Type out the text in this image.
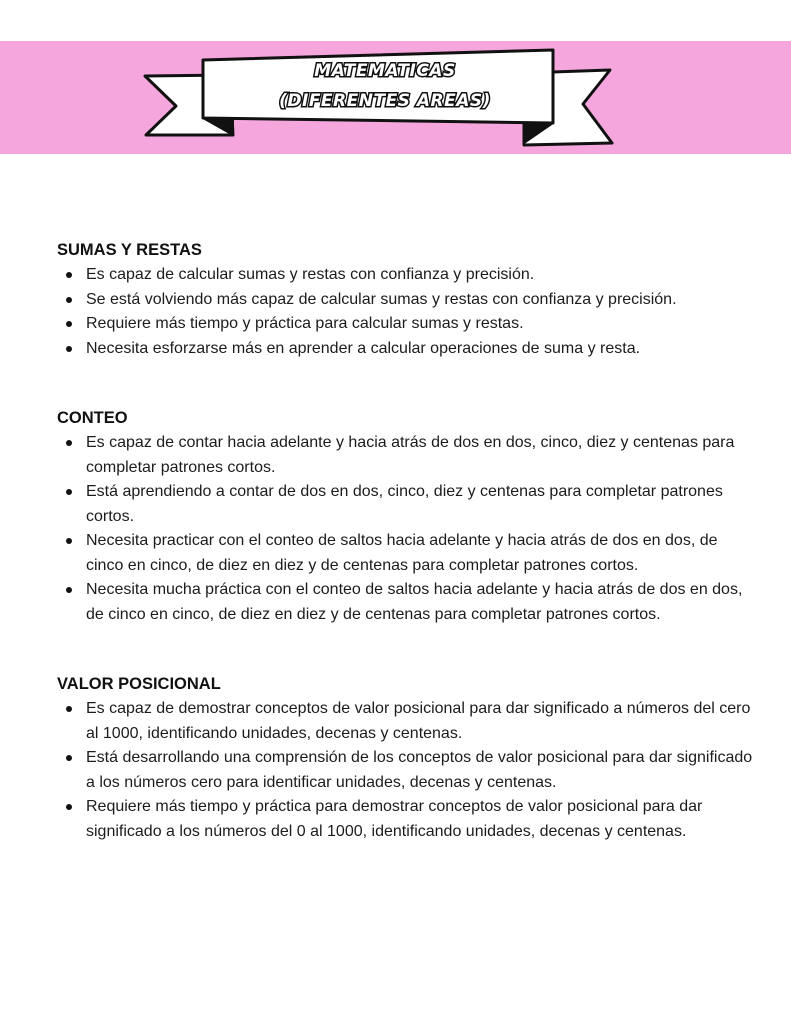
MATEMATICAS
(DIFERENTES AREAS)
SUMAS Y RESTAS
Es capaz de calcular sumas y restas con confianza y precisión.
Se está volviendo más capaz de calcular sumas y restas con confianza y precisión.
Requiere más tiempo y práctica para calcular sumas y restas.
Necesita esforzarse más en aprender a calcular operaciones de suma y resta.
CONTEO
Es capaz de contar hacia adelante y hacia atrás de dos en dos, cinco, diez y centenas para completar patrones cortos.
Está aprendiendo a contar de dos en dos, cinco, diez y centenas para completar patrones cortos.
Necesita practicar con el conteo de saltos hacia adelante y hacia atrás de dos en dos, de cinco en cinco, de diez en diez y de centenas para completar patrones cortos.
Necesita mucha práctica con el conteo de saltos hacia adelante y hacia atrás de dos en dos, de cinco en cinco, de diez en diez y de centenas para completar patrones cortos.
VALOR POSICIONAL
Es capaz de demostrar conceptos de valor posicional para dar significado a números del cero al 1000, identificando unidades, decenas y centenas.
Está desarrollando una comprensión de los conceptos de valor posicional para dar significado a los números cero para identificar unidades, decenas y centenas.
Requiere más tiempo y práctica para demostrar conceptos de valor posicional para dar significado a los números del 0 al 1000, identificando unidades, decenas y centenas.
